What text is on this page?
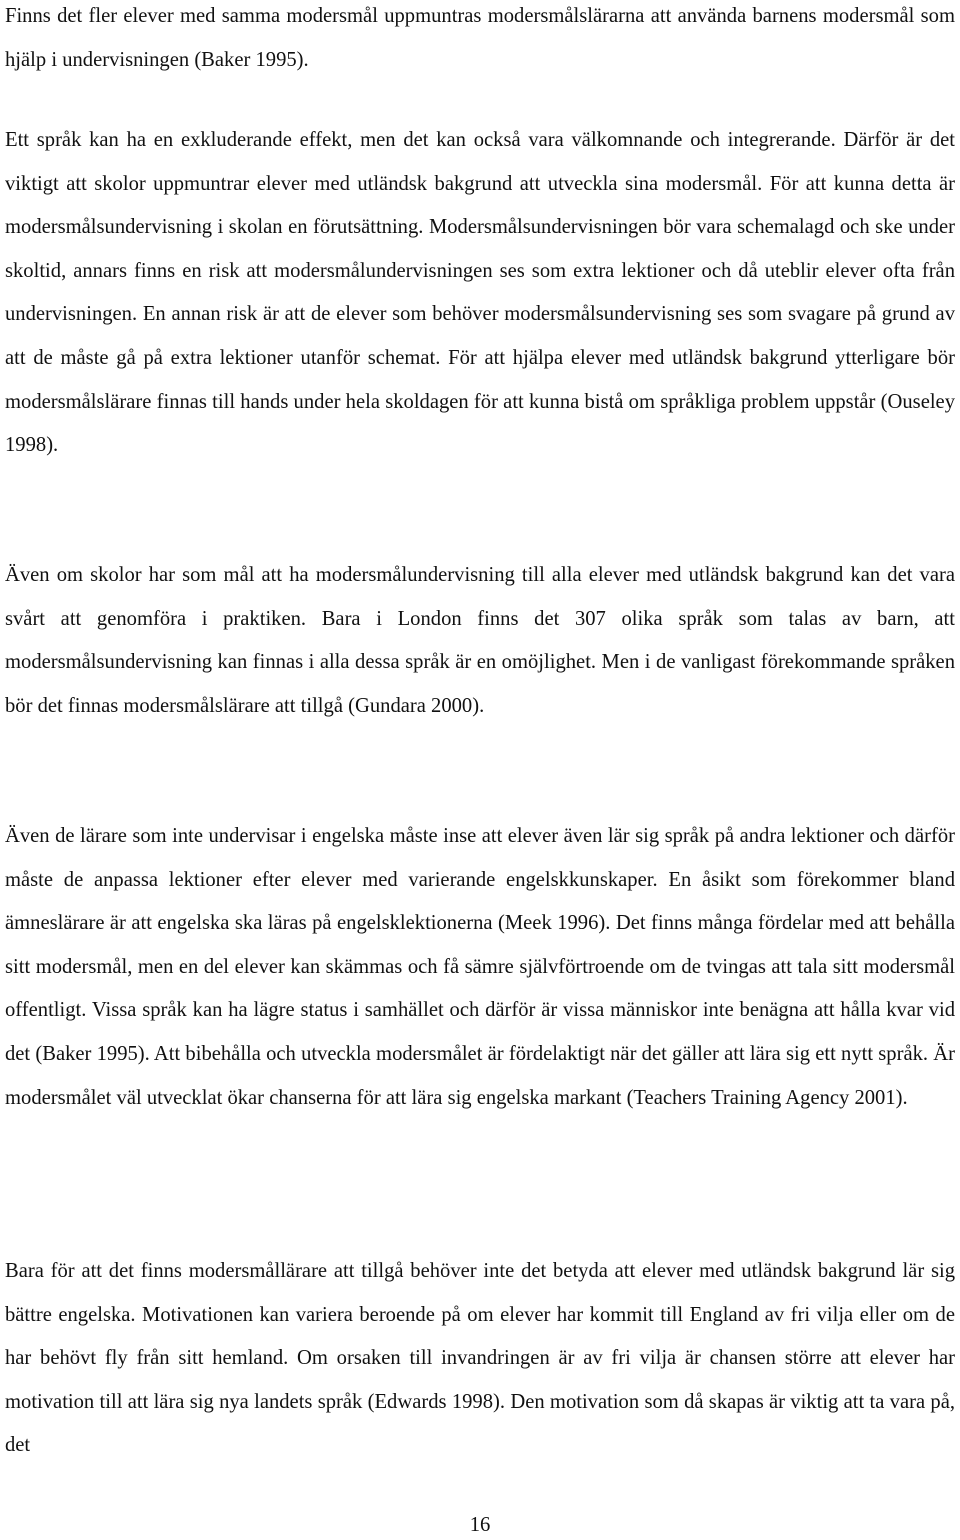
Finns det fler elever med samma modersmål uppmuntras modersmålslärarna att använda barnens modersmål som hjälp i undervisningen (Baker 1995).

Ett språk kan ha en exkluderande effekt, men det kan också vara välkomnande och integrerande. Därför är det viktigt att skolor uppmuntrar elever med utländsk bakgrund att utveckla sina modersmål. För att kunna detta är modersmålsundervisning i skolan en förutsättning. Modersmålsundervisningen bör vara schemalagd och ske under skoltid, annars finns en risk att modersmålundervisningen ses som extra lektioner och då uteblir elever ofta från undervisningen. En annan risk är att de elever som behöver modersmålsundervisning ses som svagare på grund av att de måste gå på extra lektioner utanför schemat. För att hjälpa elever med utländsk bakgrund ytterligare bör modersmålslärare finnas till hands under hela skoldagen för att kunna bistå om språkliga problem uppstår (Ouseley 1998).

Även om skolor har som mål att ha modersmålundervisning till alla elever med utländsk bakgrund kan det vara svårt att genomföra i praktiken. Bara i London finns det 307 olika språk som talas av barn, att modersmålsundervisning kan finnas i alla dessa språk är en omöjlighet. Men i de vanligast förekommande språken bör det finnas modersmålslärare att tillgå (Gundara 2000).

Även de lärare som inte undervisar i engelska måste inse att elever även lär sig språk på andra lektioner och därför måste de anpassa lektioner efter elever med varierande engelskkunskaper. En åsikt som förekommer bland ämneslärare är att engelska ska läras på engelsklektionerna (Meek 1996). Det finns många fördelar med att behålla sitt modersmål, men en del elever kan skämmas och få sämre självförtroende om de tvingas att tala sitt modersmål offentligt. Vissa språk kan ha lägre status i samhället och därför är vissa människor inte benägna att hålla kvar vid det (Baker 1995). Att bibehålla och utveckla modersmålet är fördelaktigt när det gäller att lära sig ett nytt språk. Är modersmålet väl utvecklat ökar chanserna för att lära sig engelska markant (Teachers Training Agency 2001).

Bara för att det finns modersmållärare att tillgå behöver inte det betyda att elever med utländsk bakgrund lär sig bättre engelska. Motivationen kan variera beroende på om elever har kommit till England av fri vilja eller om de har behövt fly från sitt hemland. Om orsaken till invandringen är av fri vilja är chansen större att elever har motivation till att lära sig nya landets språk (Edwards 1998). Den motivation som då skapas är viktig att ta vara på, det

16
